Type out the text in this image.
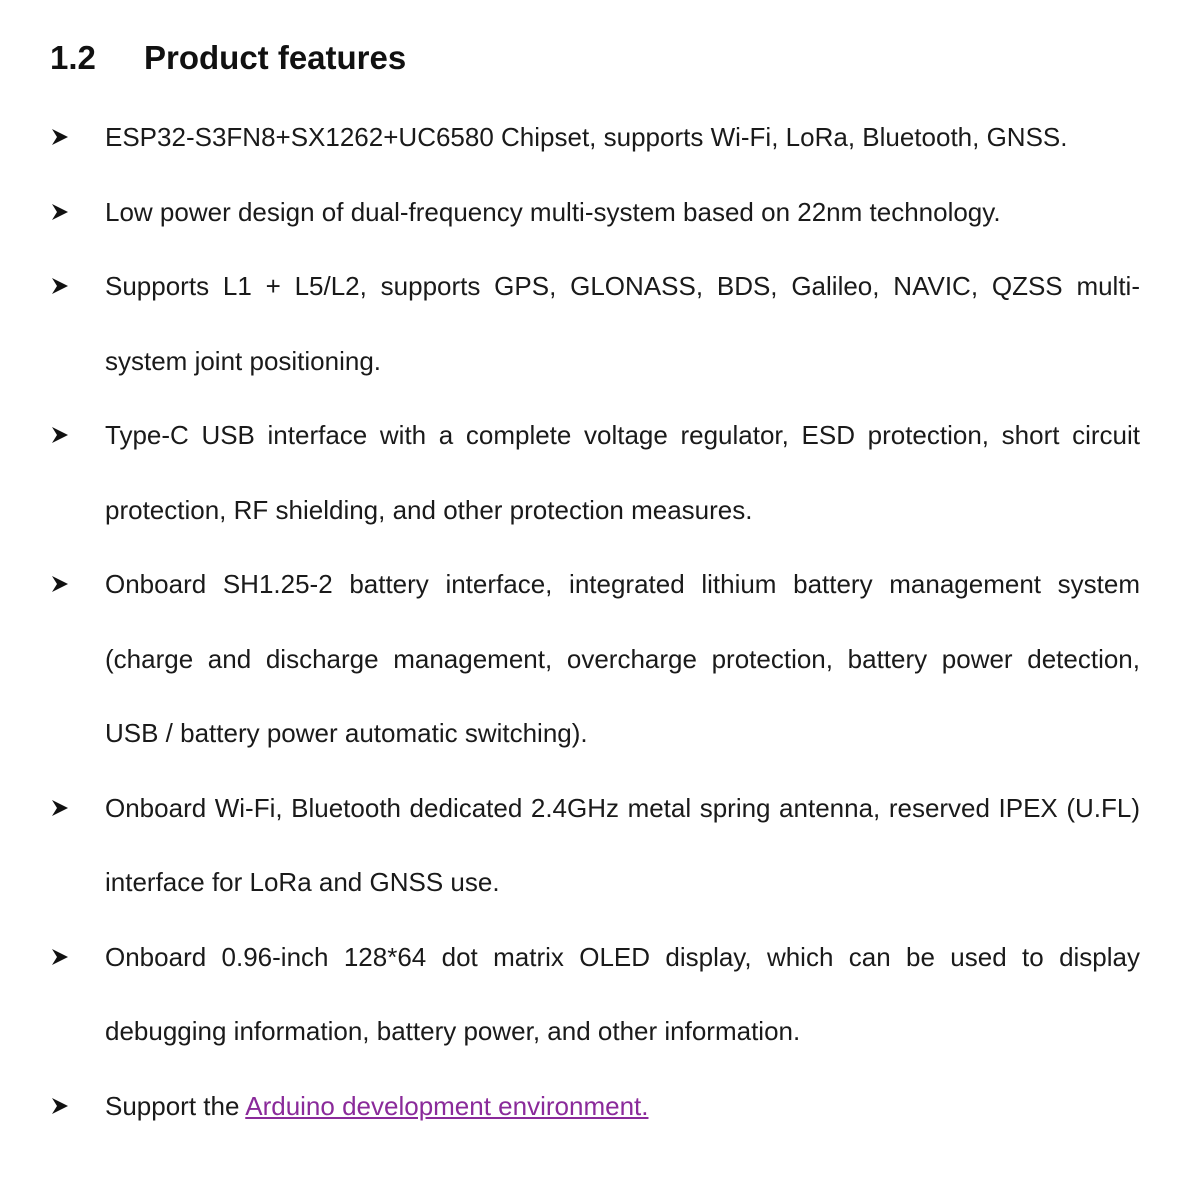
1.2 Product features
ESP32-S3FN8+SX1262+UC6580 Chipset, supports Wi-Fi, LoRa, Bluetooth, GNSS.
Low power design of dual-frequency multi-system based on 22nm technology.
Supports L1 + L5/L2, supports GPS, GLONASS, BDS, Galileo, NAVIC, QZSS multi-system joint positioning.
Type-C USB interface with a complete voltage regulator, ESD protection, short circuit protection, RF shielding, and other protection measures.
Onboard SH1.25-2 battery interface, integrated lithium battery management system (charge and discharge management, overcharge protection, battery power detection, USB / battery power automatic switching).
Onboard Wi-Fi, Bluetooth dedicated 2.4GHz metal spring antenna, reserved IPEX (U.FL) interface for LoRa and GNSS use.
Onboard 0.96-inch 128*64 dot matrix OLED display, which can be used to display debugging information, battery power, and other information.
Support the Arduino development environment.
